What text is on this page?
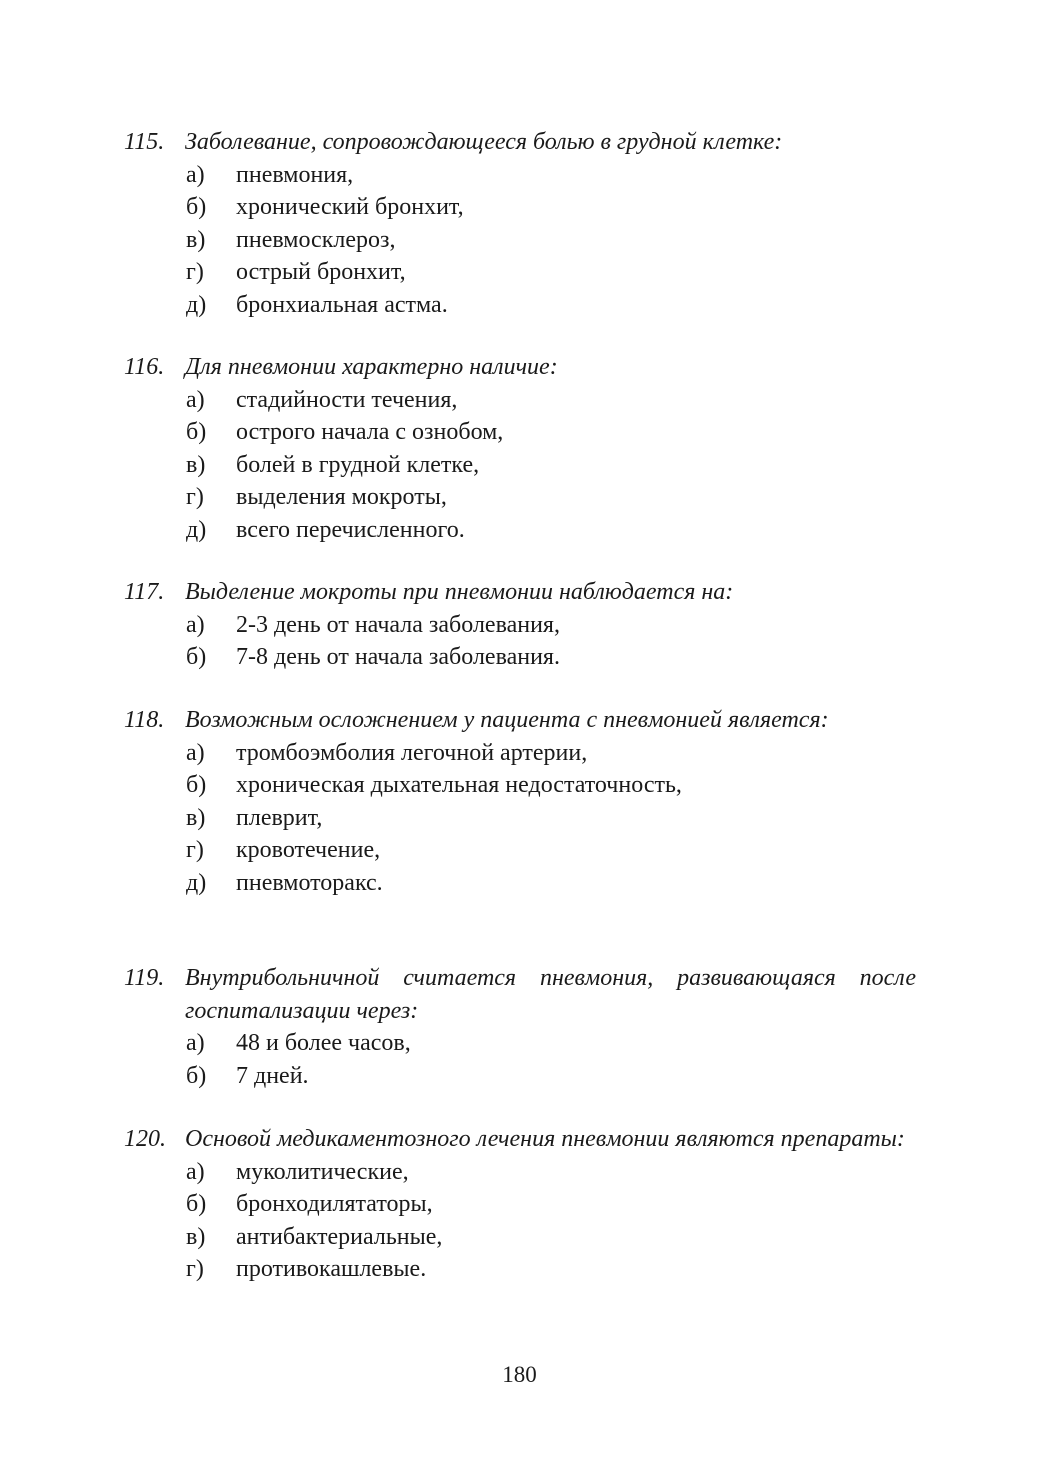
115. Заболевание, сопровождающееся болью в грудной клетке:
а)	пневмония,
б)	хронический бронхит,
в)	пневмосклероз,
г)	острый бронхит,
д)	бронхиальная астма.
116. Для пневмонии характерно наличие:
а)	стадийности течения,
б)	острого начала с ознобом,
в)	болей в грудной клетке,
г)	выделения мокроты,
д)	всего перечисленного.
117. Выделение мокроты при пневмонии наблюдается на:
а)	2-3 день от начала заболевания,
б)	7-8 день от начала заболевания.
118. Возможным осложнением у пациента с пневмонией является:
а)	тромбоэмболия легочной артерии,
б)	хроническая дыхательная недостаточность,
в)	плеврит,
г)	кровотечение,
д)	пневмоторакс.
119. Внутрибольничной считается пневмония, развивающаяся после госпитализации через:
а)	48 и более часов,
б)	7 дней.
120. Основой медикаментозного лечения пневмонии являются препараты:
а)	муколитические,
б)	бронходилятаторы,
в)	антибактериальные,
г)	противокашлевые.
180
